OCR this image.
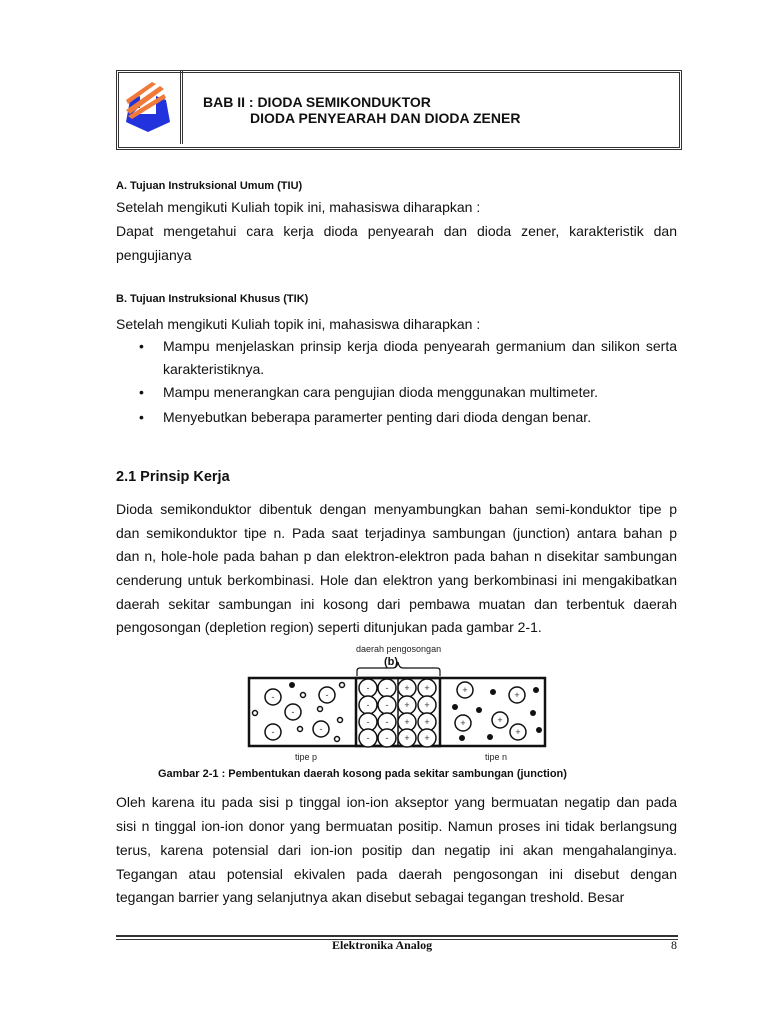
BAB II : DIODA SEMIKONDUKTOR
DIODA PENYEARAH DAN DIODA ZENER
A. Tujuan Instruksional Umum (TIU)
Setelah mengikuti Kuliah topik ini, mahasiswa diharapkan :
Dapat mengetahui cara kerja dioda penyearah dan dioda zener, karakteristik dan
pengujianya
B. Tujuan Instruksional Khusus (TIK)
Setelah mengikuti Kuliah topik ini, mahasiswa diharapkan :
• Mampu menjelaskan prinsip kerja dioda penyearah germanium dan silikon serta
karakteristiknya.
• Mampu menerangkan cara pengujian dioda menggunakan multimeter.
• Menyebutkan beberapa paramerter penting dari dioda dengan benar.
2.1 Prinsip Kerja
Dioda semikonduktor dibentuk dengan menyambungkan bahan semi-konduktor tipe p
dan semikonduktor tipe n. Pada saat terjadinya sambungan (junction) antara bahan p
dan n, hole-hole pada bahan p dan elektron-elektron pada bahan n disekitar sambungan
cenderung untuk berkombinasi. Hole dan elektron yang berkombinasi ini mengakibatkan
daerah sekitar sambungan ini kosong dari pembawa muatan dan terbentuk daerah
pengosongan (depletion region) seperti ditunjukan pada gambar 2-1.
-	-
-
-	-
- - + +
- - + +
- - + +
- - + +
+	+
+	+
+
daerah pengosongan
(b)
tipe p	tipe n
Gambar 2-1 : Pembentukan daerah kosong pada sekitar sambungan (junction)
Oleh karena itu pada sisi p tinggal ion-ion akseptor yang bermuatan negatip dan pada
sisi n tinggal ion-ion donor yang bermuatan positip. Namun proses ini tidak berlangsung
terus, karena potensial dari ion-ion positip dan negatip ini akan mengahalanginya.
Tegangan atau potensial ekivalen pada daerah pengosongan ini disebut dengan
tegangan barrier yang selanjutnya akan disebut sebagai tegangan treshold. Besar
Elektronika Analog	8
